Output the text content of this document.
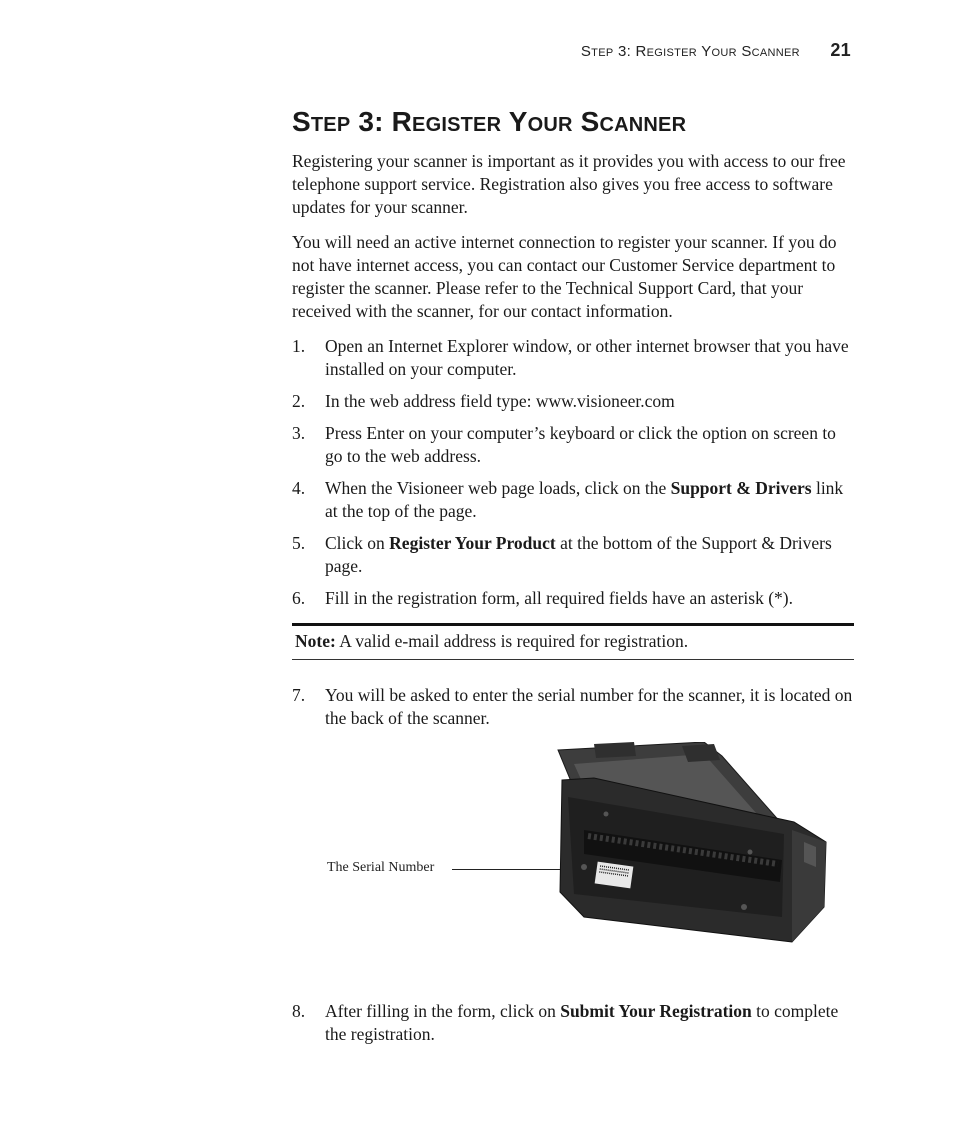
Step 3: Register Your Scanner 21
Step 3: Register Your Scanner

Registering your scanner is important as it provides you with access to our free telephone support service. Registration also gives you free access to software updates for your scanner.

You will need an active internet connection to register your scanner. If you do not have internet access, you can contact our Customer Service department to register the scanner. Please refer to the Technical Support Card, that your received with the scanner, for our contact information.

1. Open an Internet Explorer window, or other internet browser that you have installed on your computer.
2. In the web address field type: www.visioneer.com
3. Press Enter on your computer’s keyboard or click the option on screen to go to the web address.
4. When the Visioneer web page loads, click on the Support & Drivers link at the top of the page.
5. Click on Register Your Product at the bottom of the Support & Drivers page.
6. Fill in the registration form, all required fields have an asterisk (*).
Note: A valid e-mail address is required for registration.
7. You will be asked to enter the serial number for the scanner, it is located on the back of the scanner.
The Serial Number
8. After filling in the form, click on Submit Your Registration to complete the registration.
